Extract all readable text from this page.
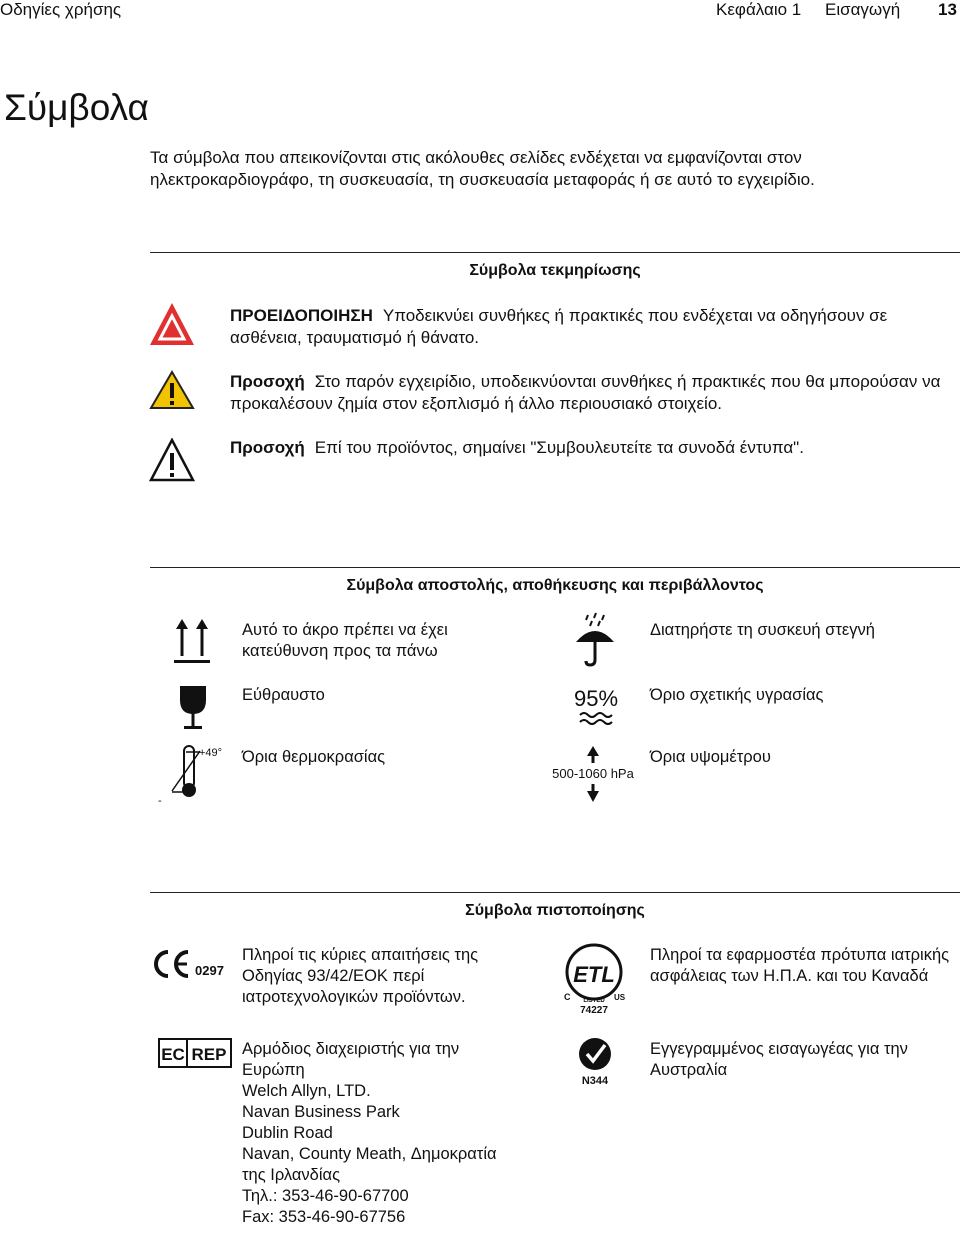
Οδηγίες χρήσης	Κεφάλαιο 1 Εισαγωγή 13
Σύμβολα
Τα σύμβολα που απεικονίζονται στις ακόλουθες σελίδες ενδέχεται να εμφανίζονται στον ηλεκτροκαρδιογράφο, τη συσκευασία, τη συσκευασία μεταφοράς ή σε αυτό το εγχειρίδιο.
Σύμβολα τεκμηρίωσης
ΠΡΟΕΙΔΟΠΟΙΗΣΗ Υποδεικνύει συνθήκες ή πρακτικές που ενδέχεται να οδηγήσουν σε ασθένεια, τραυματισμό ή θάνατο.
Προσοχή Στο παρόν εγχειρίδιο, υποδεικνύονται συνθήκες ή πρακτικές που θα μπορούσαν να προκαλέσουν ζημία στον εξοπλισμό ή άλλο περιουσιακό στοιχείο.
Προσοχή Επί του προϊόντος, σημαίνει "Συμβουλευτείτε τα συνοδά έντυπα".
Σύμβολα αποστολής, αποθήκευσης και περιβάλλοντος
Αυτό το άκρο πρέπει να έχει κατεύθυνση προς τα πάνω
Διατηρήστε τη συσκευή στεγνή
Εύθραυστο	95% Όριο σχετικής υγρασίας
+49°
-
Όρια θερμοκρασίας
500-1060 hPa
Όρια υψομέτρου
Σύμβολα πιστοποίησης
0297
Πληροί τις κύριες απαιτήσεις της Οδηγίας 93/42/ΕΟΚ περί ιατροτεχνολογικών προϊόντων.
ETL
C LISTED US
74227
Πληροί τα εφαρμοστέα πρότυπα ιατρικής ασφάλειας των Η.Π.Α. και του Καναδά
EC REP Αρμόδιος διαχειριστής για την
Ευρώπη
Welch Allyn, LTD.
Navan Business Park
Dublin Road
Navan, County Meath, Δημοκρατία
της Ιρλανδίας
Τηλ.: 353-46-90-67700
Fax: 353-46-90-67756
N344
Εγγεγραμμένος εισαγωγέας για την Αυστραλία
